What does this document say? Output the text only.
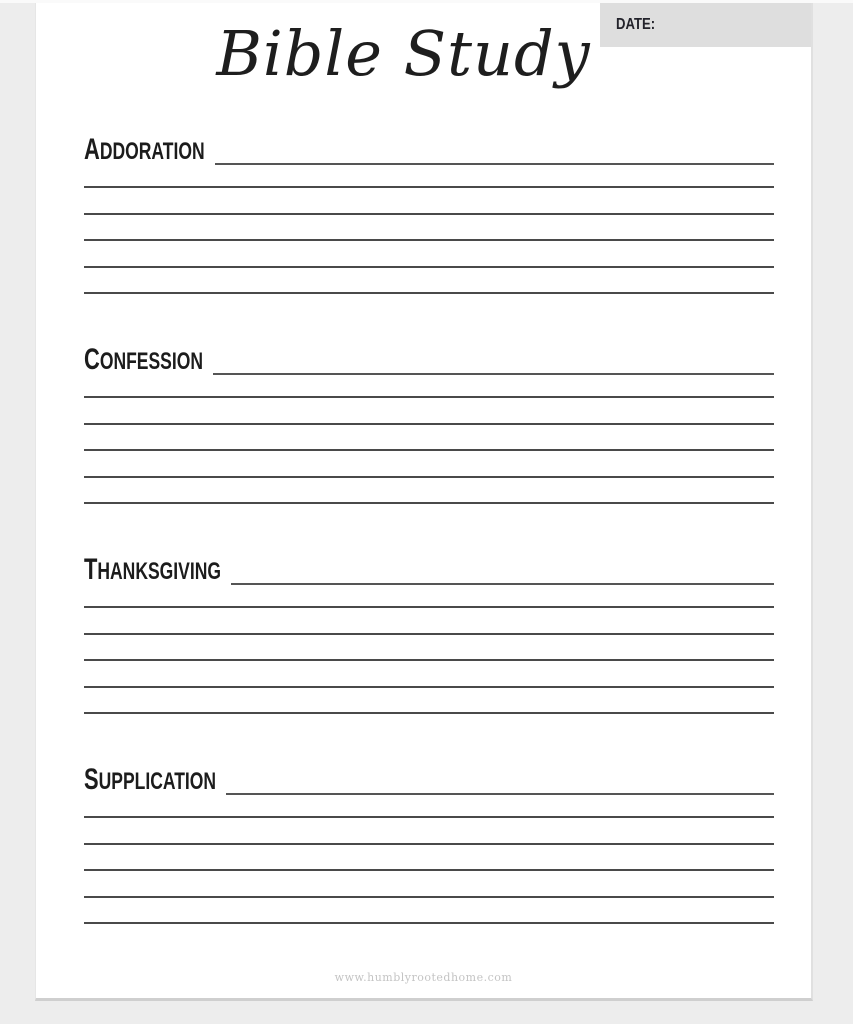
DATE:
Bible Study
ADDORATION
CONFESSION
THANKSGIVING
SUPPLICATION
www.humblyrootedhome.com
